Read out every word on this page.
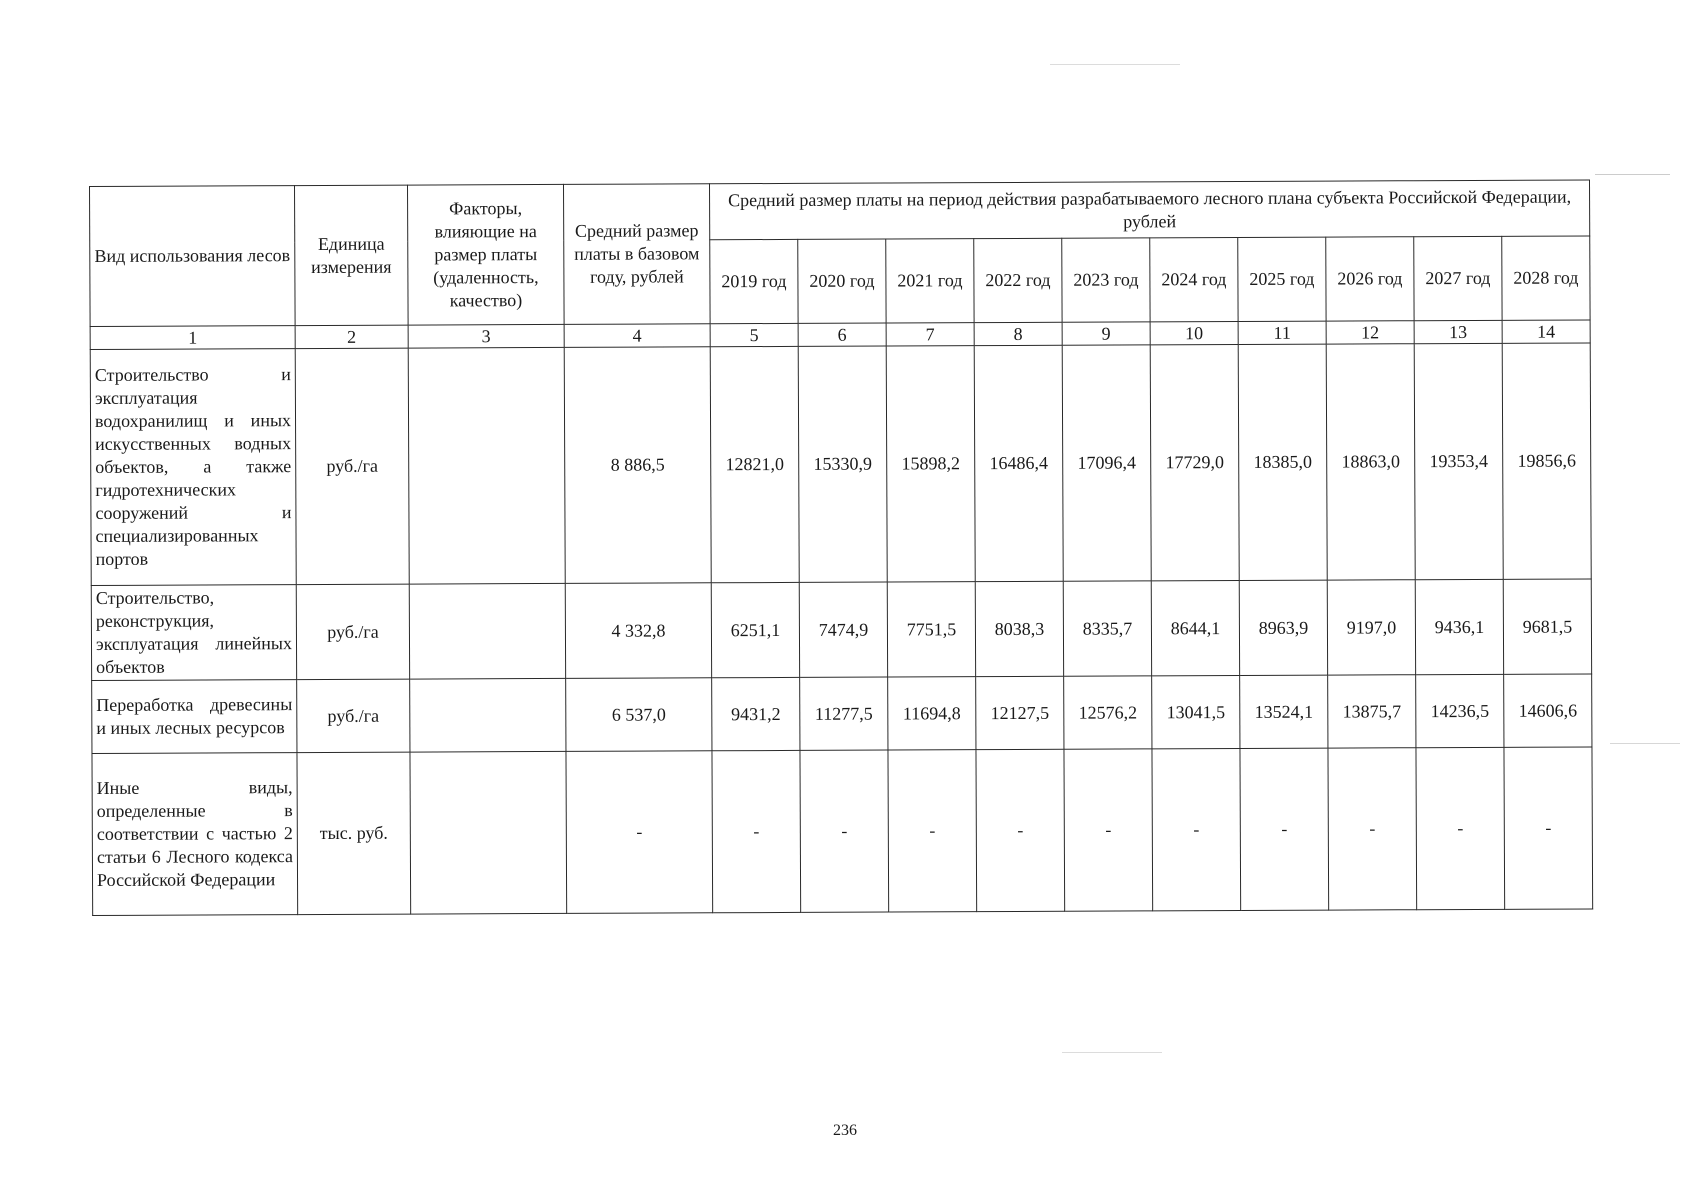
Вид использования лесов	Единица измерения	Факторы, влияющие на размер платы (удаленность, качество)	Средний размер платы в базовом году, рублей	Средний размер платы на период действия разрабатываемого лесного плана субъекта Российской Федерации, рублей									
				2019 год	2020 год	2021 год	2022 год	2023 год	2024 год	2025 год	2026 год	2027 год	2028 год
1	2	3	4	5	6	7	8	9	10	11	12	13	14
Строительство и эксплуатация водохранилищ и иных искусственных водных объектов, а также гидротехнических сооружений и специализированных портов	руб./га		8 886,5	12821,0	15330,9	15898,2	16486,4	17096,4	17729,0	18385,0	18863,0	19353,4	19856,6
Строительство, реконструкция, эксплуатация линейных объектов	руб./га		4 332,8	6251,1	7474,9	7751,5	8038,3	8335,7	8644,1	8963,9	9197,0	9436,1	9681,5
Переработка древесины и иных лесных ресурсов	руб./га		6 537,0	9431,2	11277,5	11694,8	12127,5	12576,2	13041,5	13524,1	13875,7	14236,5	14606,6
Иные виды, определенные в соответствии с частью 2 статьи 6 Лесного кодекса Российской Федерации	тыс. руб.		-	-	-	-	-	-	-	-	-	-	-
236
